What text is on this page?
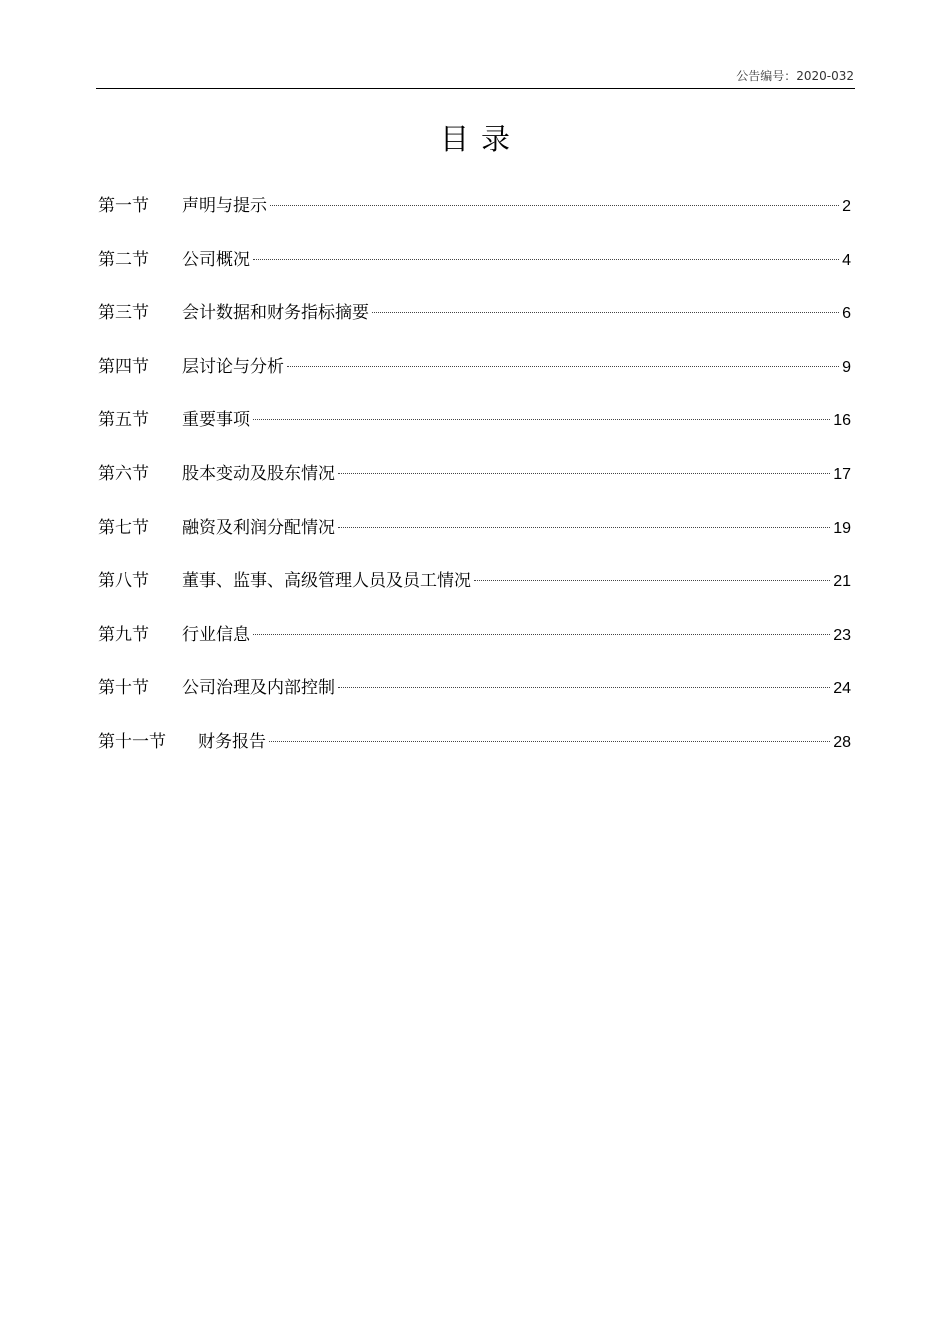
公告编号：2020-032
目录
第一节	声明与提示	2
第二节	公司概况	4
第三节	会计数据和财务指标摘要	6
第四节	层讨论与分析	9
第五节	重要事项	16
第六节	股本变动及股东情况	17
第七节	融资及利润分配情况	19
第八节	董事、监事、高级管理人员及员工情况	21
第九节	行业信息	23
第十节	公司治理及内部控制	24
第十一节	财务报告	28
